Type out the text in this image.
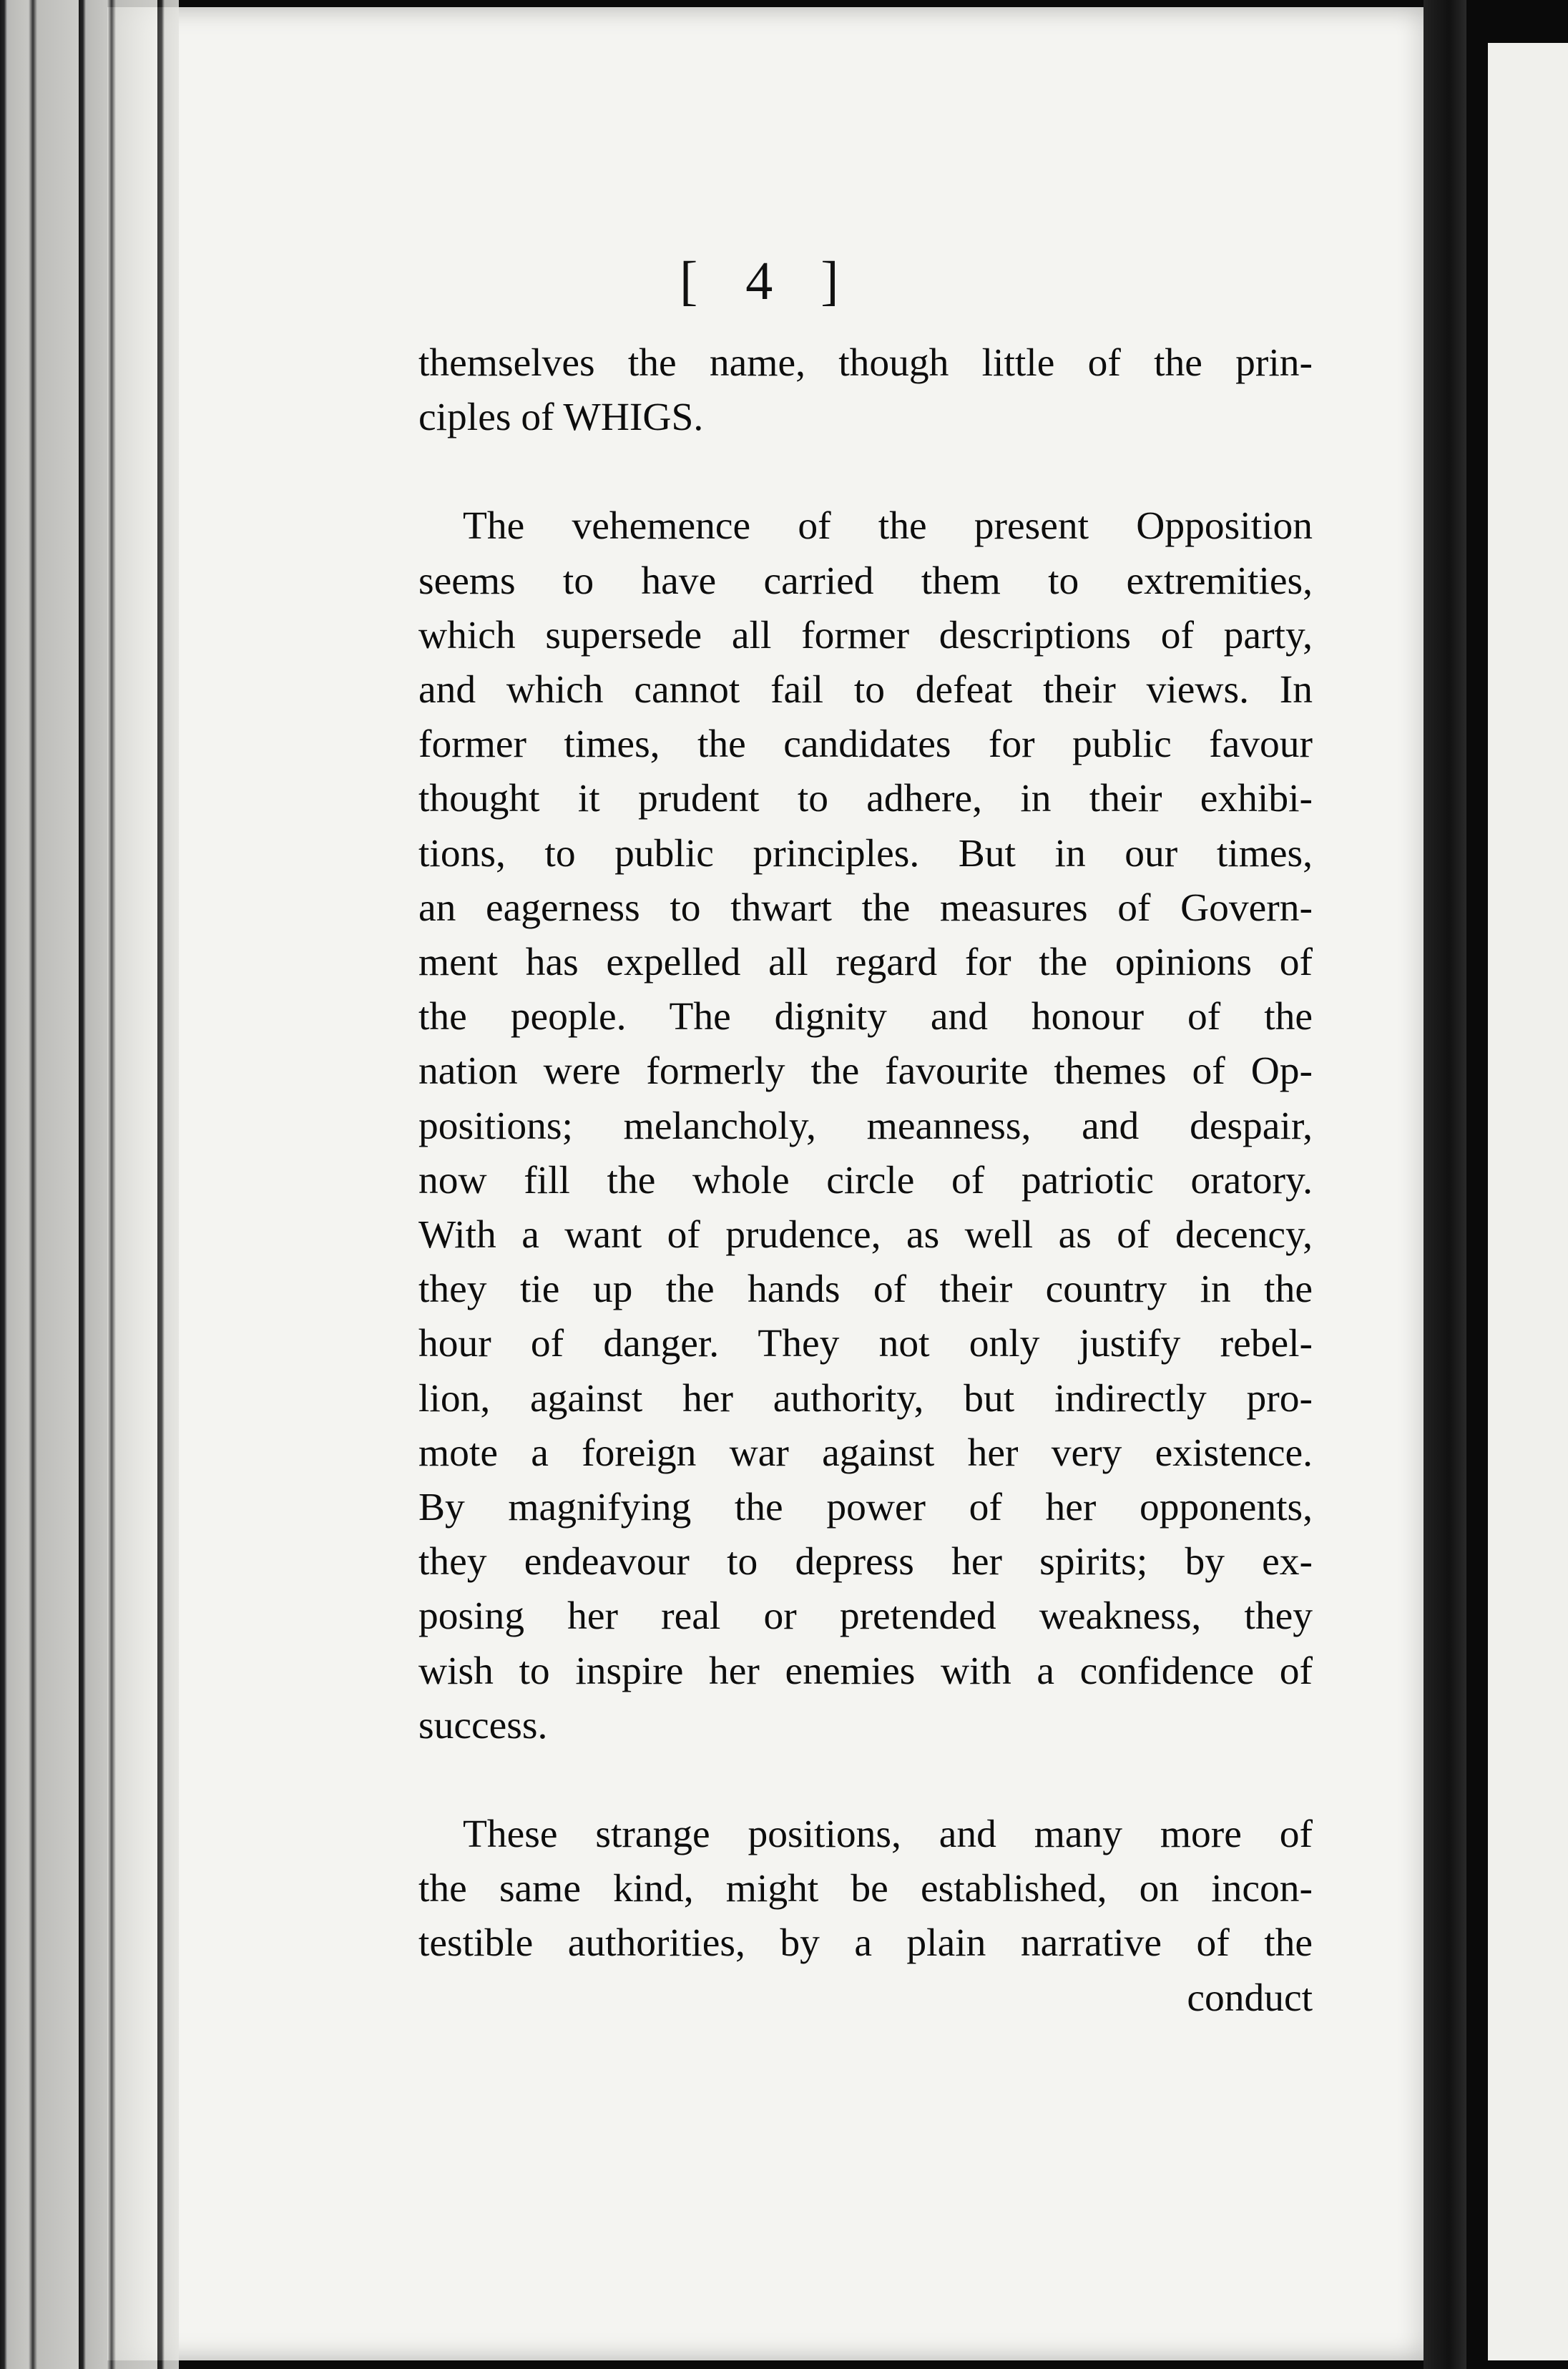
[ 4 ]
themselves the name, though little of the prin-
ciples of WHIGS.
The vehemence of the present Opposition
seems to have carried them to extremities,
which supersede all former descriptions of party,
and which cannot fail to defeat their views. In
former times, the candidates for public favour
thought it prudent to adhere, in their exhibi-
tions, to public principles. But in our times,
an eagerness to thwart the measures of Govern-
ment has expelled all regard for the opinions of
the people. The dignity and honour of the
nation were formerly the favourite themes of Op-
positions; melancholy, meanness, and despair,
now fill the whole circle of patriotic oratory.
With a want of prudence, as well as of decency,
they tie up the hands of their country in the
hour of danger. They not only justify rebel-
lion, against her authority, but indirectly pro-
mote a foreign war against her very existence.
By magnifying the power of her opponents,
they endeavour to depress her spirits; by ex-
posing her real or pretended weakness, they
wish to inspire her enemies with a confidence of
success.
These strange positions, and many more of
the same kind, might be established, on incon-
testible authorities, by a plain narrative of the
conduct
